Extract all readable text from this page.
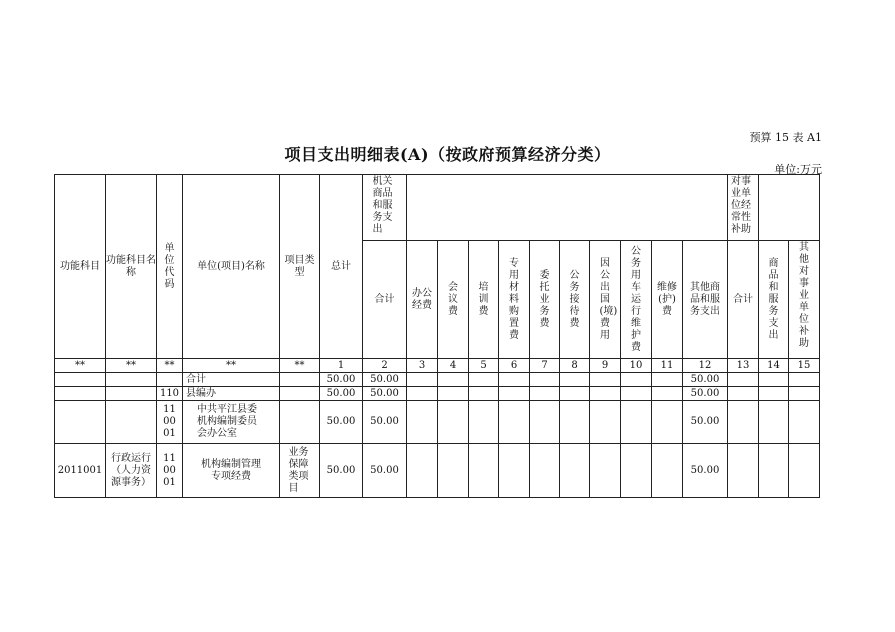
预算 15 表 A1
项目支出明细表(A)（按政府预算经济分类）
单位:万元
功能科目	功能科目名称	单位代码	单位(项目)名称	项目类型	总计	机关商品和服务支出											对事业单位经常性补助		
						合计	办公经费	会议费	培训费	专用材料购置费	委托业务费	公务接待费	因公出国(境)费用	公务用车运行维护费	维修(护)费	其他商品和服务支出	合计	商品和服务支出	其他对事业单位补助
**	**	**	**	**	1	2	3	4	5	6	7	8	9	10	11	12	13	14	15
			合计		50.00	50.00										50.00			
		110	县编办		50.00	50.00										50.00			
		110001	中共平江县委机构编制委员会办公室		50.00	50.00										50.00			
2011001	行政运行（人力资源事务）	110001	机构编制管理专项经费	业务保障类项目	50.00	50.00										50.00			
